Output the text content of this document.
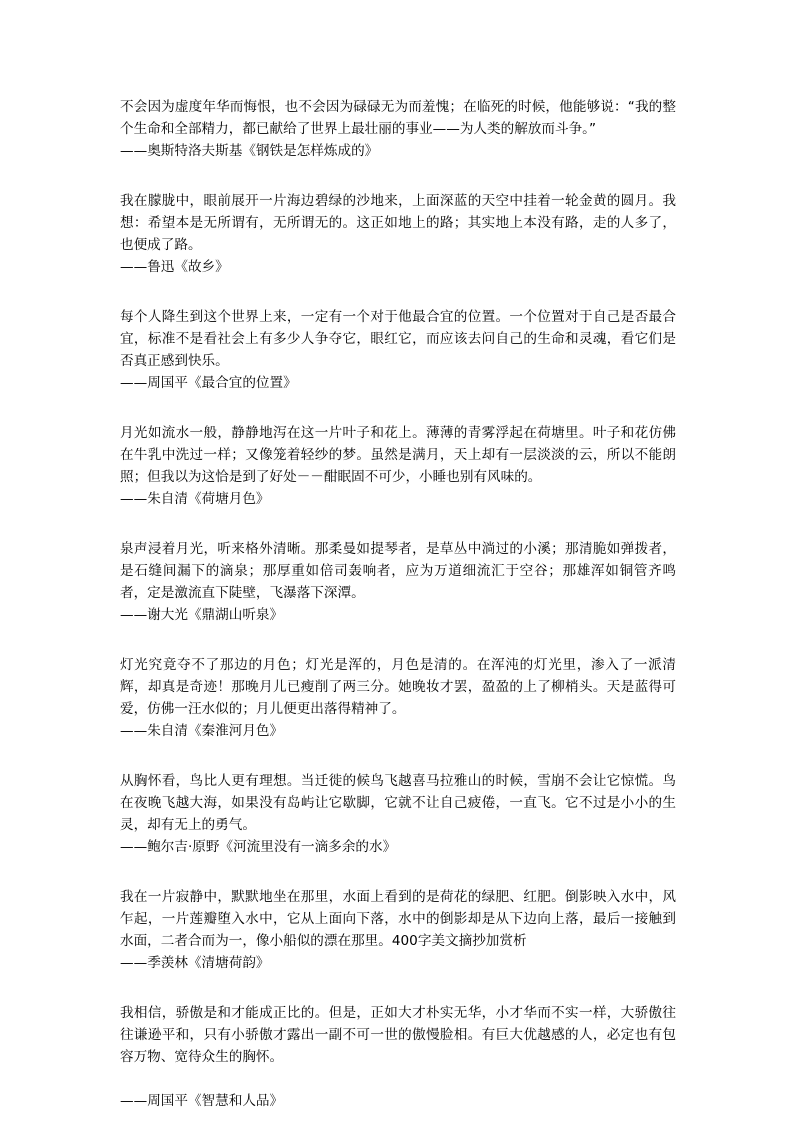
不会因为虚度年华而悔恨，也不会因为碌碌无为而羞愧；在临死的时候，他能够说：“我的整个生命和全部精力，都已献给了世界上最壮丽的事业——为人类的解放而斗争。”
——奥斯特洛夫斯基《钢铁是怎样炼成的》
我在朦胧中，眼前展开一片海边碧绿的沙地来，上面深蓝的天空中挂着一轮金黄的圆月。我想：希望本是无所谓有，无所谓无的。这正如地上的路；其实地上本没有路，走的人多了，也便成了路。
——鲁迅《故乡》
每个人降生到这个世界上来，一定有一个对于他最合宜的位置。一个位置对于自己是否最合宜，标准不是看社会上有多少人争夺它，眼红它，而应该去问自己的生命和灵魂，看它们是否真正感到快乐。
——周国平《最合宜的位置》
月光如流水一般，静静地泻在这一片叶子和花上。薄薄的青雾浮起在荷塘里。叶子和花仿佛在牛乳中洗过一样；又像笼着轻纱的梦。虽然是满月，天上却有一层淡淡的云，所以不能朗照；但我以为这恰是到了好处－－酣眠固不可少，小睡也别有风味的。
——朱自清《荷塘月色》
泉声浸着月光，听来格外清晰。那柔曼如提琴者，是草丛中淌过的小溪；那清脆如弹拨者，是石缝间漏下的滴泉；那厚重如倍司轰响者，应为万道细流汇于空谷；那雄浑如铜管齐鸣者，定是激流直下陡壁，飞瀑落下深潭。
——谢大光《鼎湖山听泉》
灯光究竟夺不了那边的月色；灯光是浑的，月色是清的。在浑沌的灯光里，渗入了一派清辉，却真是奇迹！那晚月儿已瘦削了两三分。她晚妆才罢，盈盈的上了柳梢头。天是蓝得可爱，仿佛一汪水似的；月儿便更出落得精神了。
——朱自清《秦淮河月色》
从胸怀看，鸟比人更有理想。当迁徙的候鸟飞越喜马拉雅山的时候，雪崩不会让它惊慌。鸟在夜晚飞越大海，如果没有岛屿让它歇脚，它就不让自己疲倦，一直飞。它不过是小小的生灵，却有无上的勇气。
——鲍尔吉·原野《河流里没有一滴多余的水》
我在一片寂静中，默默地坐在那里，水面上看到的是荷花的绿肥、红肥。倒影映入水中，风乍起，一片莲瓣堕入水中，它从上面向下落，水中的倒影却是从下边向上落，最后一接触到水面，二者合而为一，像小船似的漂在那里。400字美文摘抄加赏析
——季羡林《清塘荷韵》
我相信，骄傲是和才能成正比的。但是，正如大才朴实无华，小才华而不实一样，大骄傲往往谦逊平和，只有小骄傲才露出一副不可一世的傲慢脸相。有巨大优越感的人，必定也有包容万物、宽待众生的胸怀。
——周国平《智慧和人品》
